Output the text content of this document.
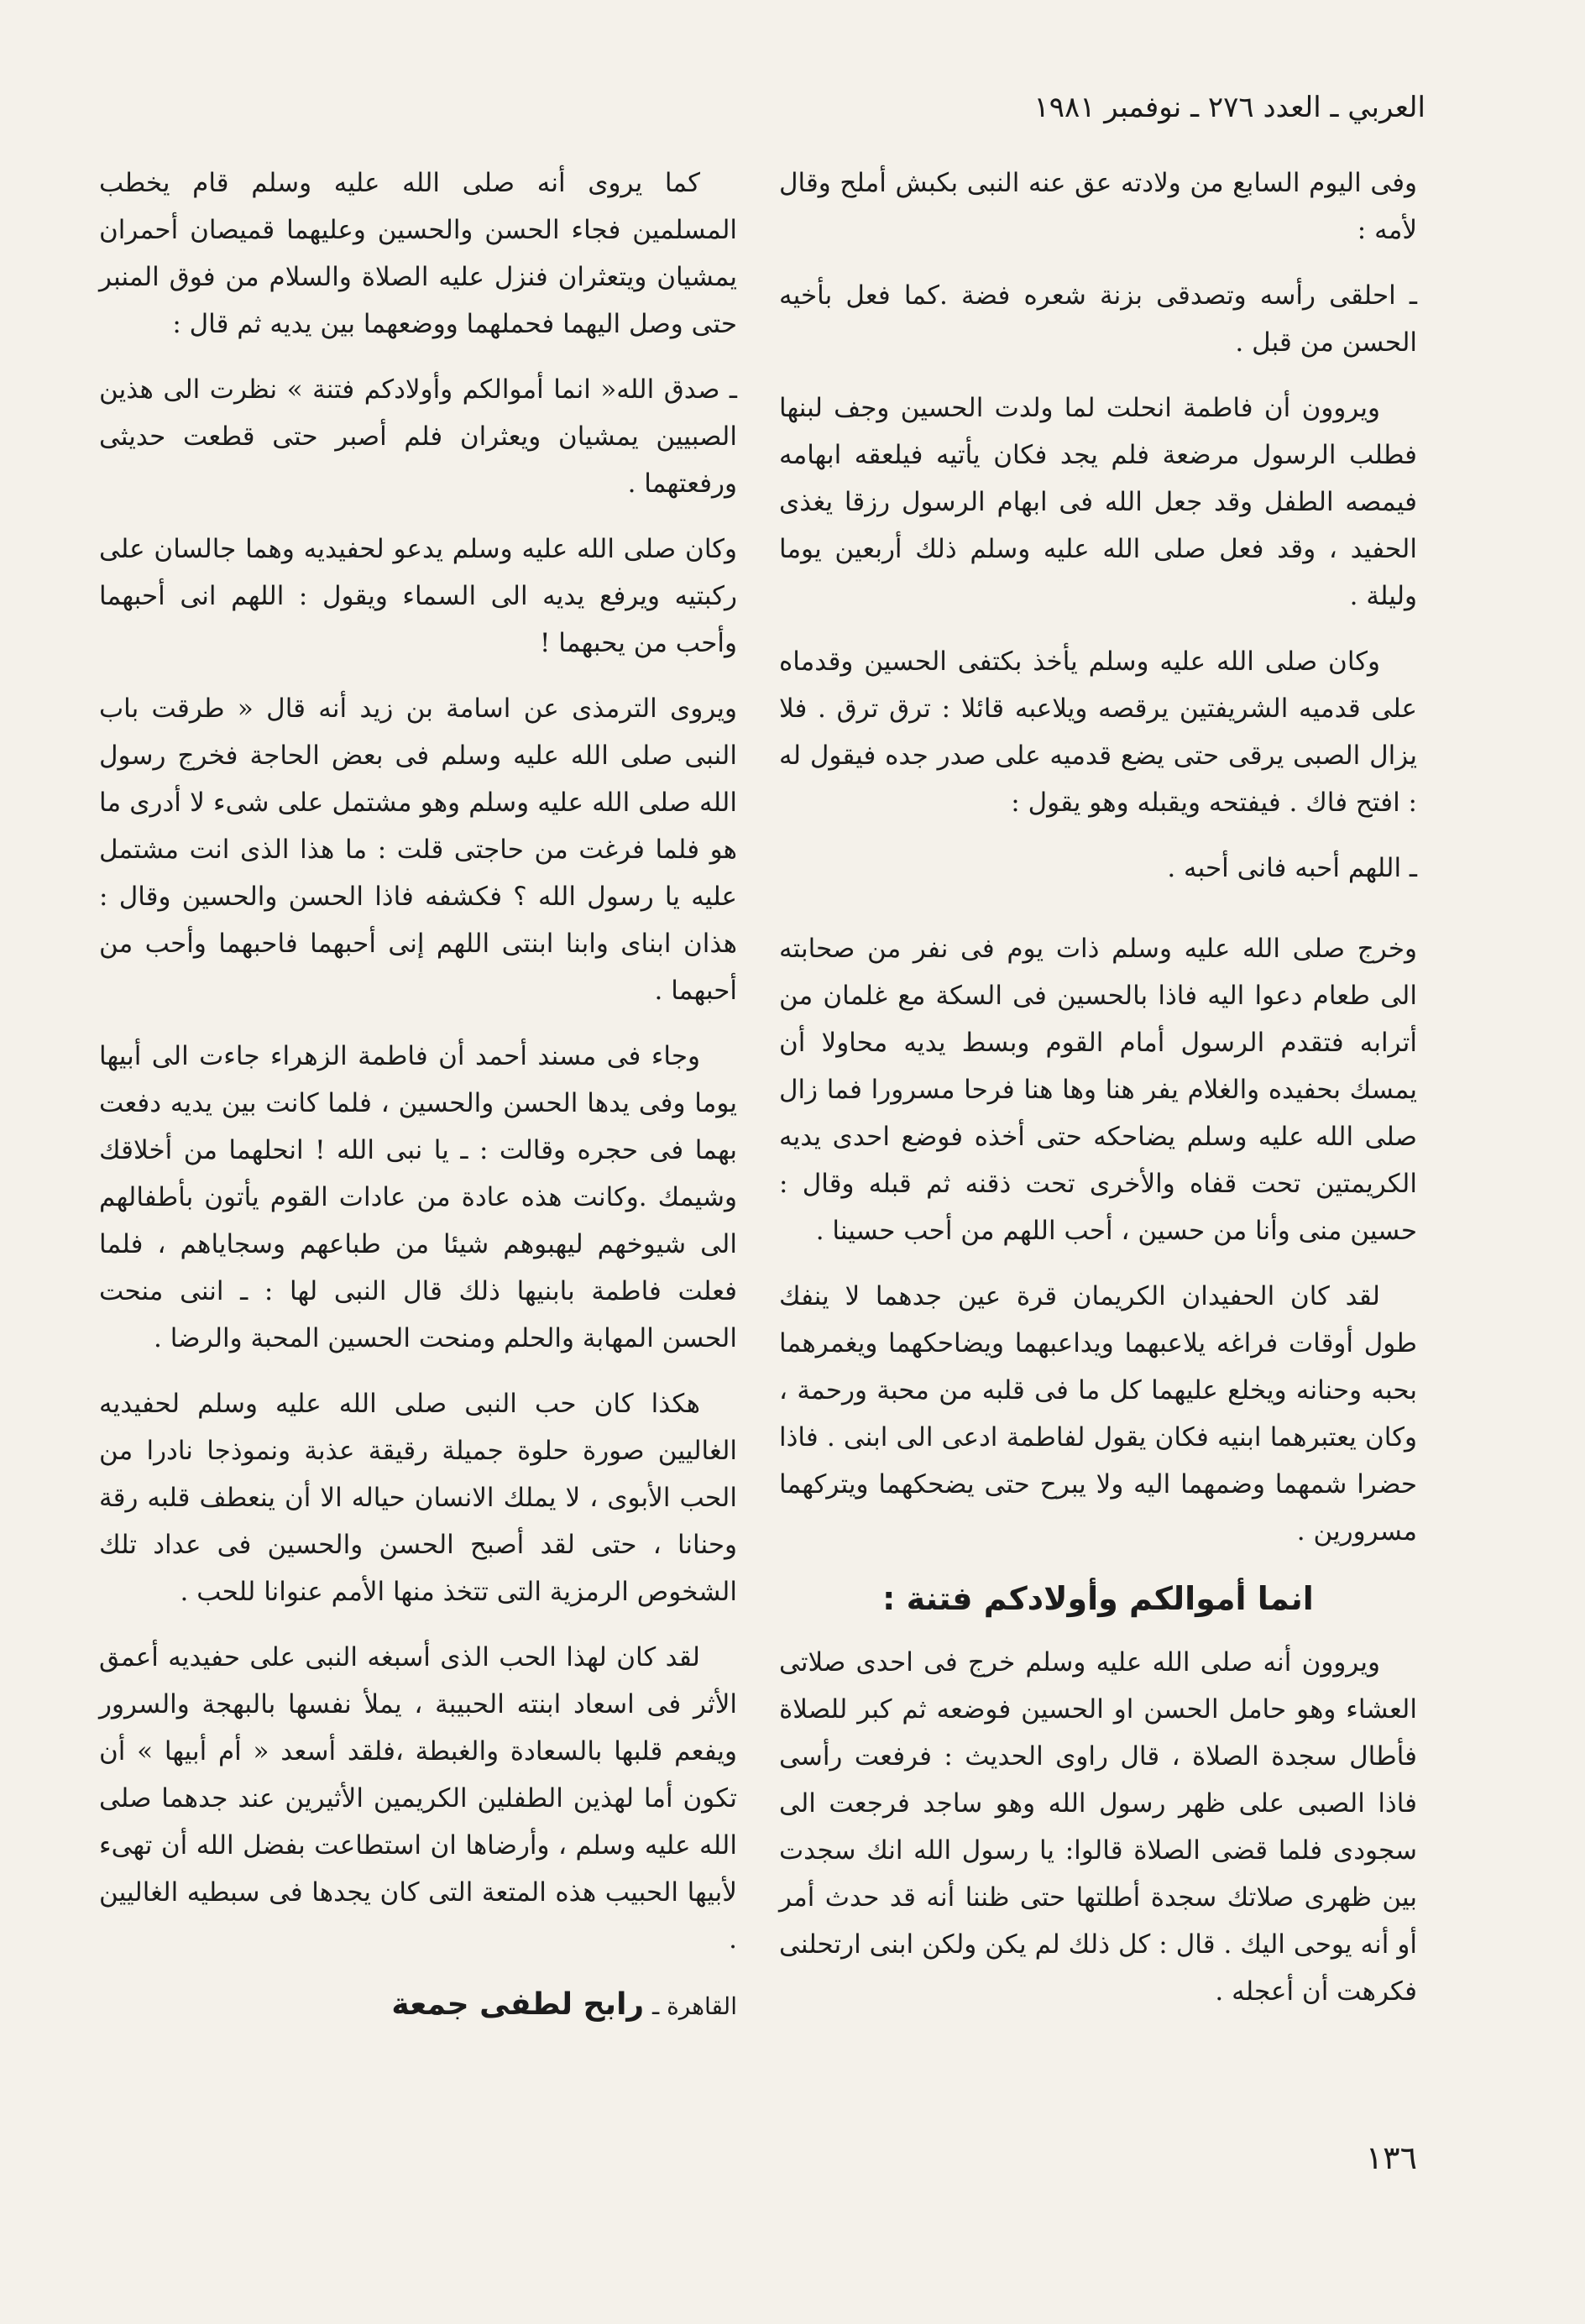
العربي ـ العدد ٢٧٦ ـ نوفمبر ١٩٨١

وفى اليوم السابع من ولادته عق عنه النبى بكبش أملح وقال لأمه :

ـ احلقى رأسه وتصدقى بزنة شعره فضة .كما فعل بأخيه الحسن من قبل .

ويروون أن فاطمة انحلت لما ولدت الحسين وجف لبنها فطلب الرسول مرضعة فلم يجد فكان يأتيه فيلعقه ابهامه فيمصه الطفل وقد جعل الله فى ابهام الرسول رزقا يغذى الحفيد ، وقد فعل صلى الله عليه وسلم ذلك أربعين يوما وليلة .

وكان صلى الله عليه وسلم يأخذ بكتفى الحسين وقدماه على قدميه الشريفتين يرقصه ويلاعبه قائلا : ترق ترق . فلا يزال الصبى يرقى حتى يضع قدميه على صدر جده فيقول له : افتح فاك . فيفتحه ويقبله وهو يقول :

ـ اللهم أحبه فانى أحبه .

وخرج صلى الله عليه وسلم ذات يوم فى نفر من صحابته الى طعام دعوا اليه فاذا بالحسين فى السكة مع غلمان من أترابه فتقدم الرسول أمام القوم وبسط يديه محاولا أن يمسك بحفيده والغلام يفر هنا وها هنا فرحا مسرورا فما زال صلى الله عليه وسلم يضاحكه حتى أخذه فوضع احدى يديه الكريمتين تحت قفاه والأخرى تحت ذقنه ثم قبله وقال : حسين منى وأنا من حسين ، أحب اللهم من أحب حسينا .

لقد كان الحفيدان الكريمان قرة عين جدهما لا ينفك طول أوقات فراغه يلاعبهما ويداعبهما ويضاحكهما ويغمرهما بحبه وحنانه ويخلع عليهما كل ما فى قلبه من محبة ورحمة ، وكان يعتبرهما ابنيه فكان يقول لفاطمة ادعى الى ابنى . فاذا حضرا شمهما وضمهما اليه ولا يبرح حتى يضحكهما ويتركهما مسرورين .

انما أموالكم وأولادكم فتنة :

ويروون أنه صلى الله عليه وسلم خرج فى احدى صلاتى العشاء وهو حامل الحسن او الحسين فوضعه ثم كبر للصلاة فأطال سجدة الصلاة ، قال راوى الحديث : فرفعت رأسى فاذا الصبى على ظهر رسول الله وهو ساجد فرجعت الى سجودى فلما قضى الصلاة قالوا: يا رسول الله انك سجدت بين ظهرى صلاتك سجدة أطلتها حتى ظننا أنه قد حدث أمر أو أنه يوحى اليك . قال : كل ذلك لم يكن ولكن ابنى ارتحلنى فكرهت أن أعجله .

كما يروى أنه صلى الله عليه وسلم قام يخطب المسلمين فجاء الحسن والحسين وعليهما قميصان أحمران يمشيان ويتعثران فنزل عليه الصلاة والسلام من فوق المنبر حتى وصل اليهما فحملهما ووضعهما بين يديه ثم قال :

ـ صدق الله« انما أموالكم وأولادكم فتنة » نظرت الى هذين الصبيين يمشيان ويعثران فلم أصبر حتى قطعت حديثى ورفعتهما .

وكان صلى الله عليه وسلم يدعو لحفيديه وهما جالسان على ركبتيه ويرفع يديه الى السماء ويقول : اللهم انى أحبهما وأحب من يحبهما !

ويروى الترمذى عن اسامة بن زيد أنه قال « طرقت باب النبى صلى الله عليه وسلم فى بعض الحاجة فخرج رسول الله صلى الله عليه وسلم وهو مشتمل على شىء لا أدرى ما هو فلما فرغت من حاجتى قلت : ما هذا الذى انت مشتمل عليه يا رسول الله ؟ فكشفه فاذا الحسن والحسين وقال : هذان ابناى وابنا ابنتى اللهم إنى أحبهما فاحبهما وأحب من أحبهما .

وجاء فى مسند أحمد أن فاطمة الزهراء جاءت الى أبيها يوما وفى يدها الحسن والحسين ، فلما كانت بين يديه دفعت بهما فى حجره وقالت : ـ يا نبى الله ! انحلهما من أخلاقك وشيمك .وكانت هذه عادة من عادات القوم يأتون بأطفالهم الى شيوخهم ليهبوهم شيئا من طباعهم وسجاياهم ، فلما فعلت فاطمة بابنيها ذلك قال النبى لها : ـ اننى منحت الحسن المهابة والحلم ومنحت الحسين المحبة والرضا .

هكذا كان حب النبى صلى الله عليه وسلم لحفيديه الغاليين صورة حلوة جميلة رقيقة عذبة ونموذجا نادرا من الحب الأبوى ، لا يملك الانسان حياله الا أن ينعطف قلبه رقة وحنانا ، حتى لقد أصبح الحسن والحسين فى عداد تلك الشخوص الرمزية التى تتخذ منها الأمم عنوانا للحب .

لقد كان لهذا الحب الذى أسبغه النبى على حفيديه أعمق الأثر فى اسعاد ابنته الحبيبة ، يملأ نفسها بالبهجة والسرور ويفعم قلبها بالسعادة والغبطة ،فلقد أسعد « أم أبيها » أن تكون أما لهذين الطفلين الكريمين الأثيرين عند جدهما صلى الله عليه وسلم ، وأرضاها ان استطاعت بفضل الله أن تهىء لأبيها الحبيب هذه المتعة التى كان يجدها فى سبطيه الغاليين .

القاهرة ـ رابح لطفى جمعة

١٣٦
